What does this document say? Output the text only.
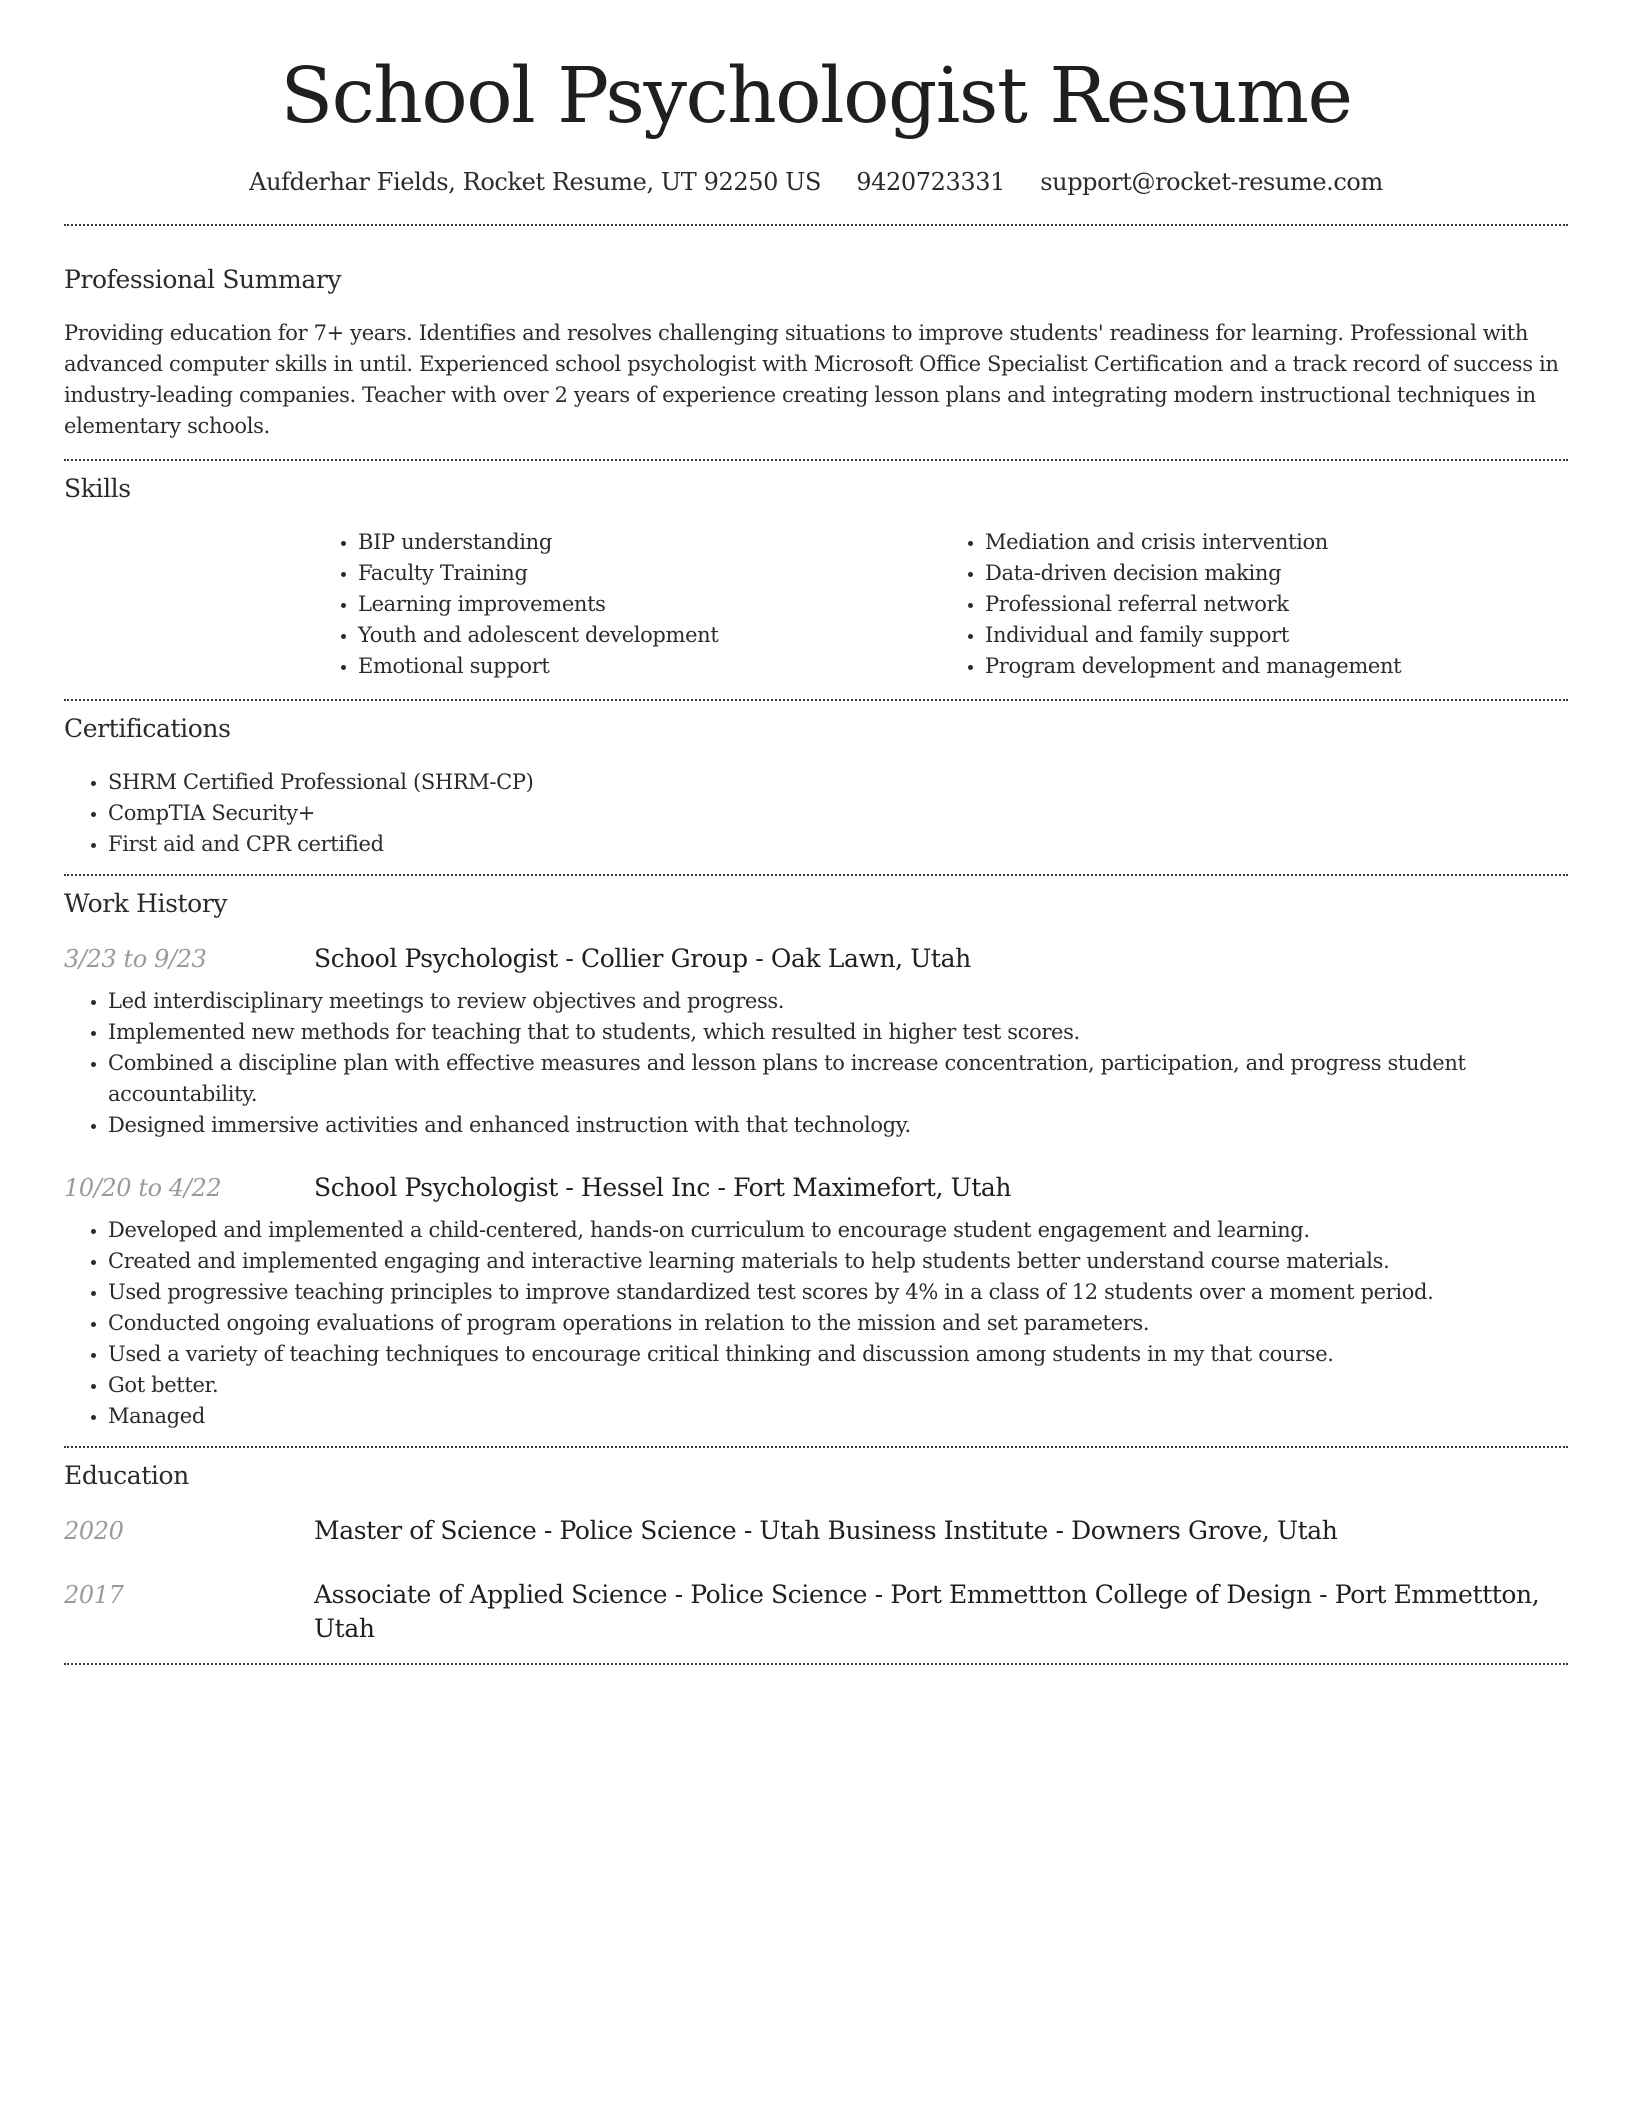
School Psychologist Resume
Aufderhar Fields, Rocket Resume, UT 92250 US 9420723331 support@rocket-resume.com
Professional Summary

Providing education for 7+ years. Identifies and resolves challenging situations to improve students' readiness for learning. Professional with advanced computer skills in until. Experienced school psychologist with Microsoft Office Specialist Certification and a track record of success in industry-leading companies. Teacher with over 2 years of experience creating lesson plans and integrating modern instructional techniques in elementary schools.

Skills
• BIP understanding
• Faculty Training
• Learning improvements
• Youth and adolescent development
• Emotional support
• Mediation and crisis intervention
• Data-driven decision making
• Professional referral network
• Individual and family support
• Program development and management
Certifications
• SHRM Certified Professional (SHRM-CP)
• CompTIA Security+
• First aid and CPR certified
Work History
3/23 to 9/23	School Psychologist - Collier Group - Oak Lawn, Utah
• Led interdisciplinary meetings to review objectives and progress.
• Implemented new methods for teaching that to students, which resulted in higher test scores.
• Combined a discipline plan with effective measures and lesson plans to increase concentration, participation, and progress student accountability.
• Designed immersive activities and enhanced instruction with that technology.
10/20 to 4/22	School Psychologist - Hessel Inc - Fort Maximefort, Utah
• Developed and implemented a child-centered, hands-on curriculum to encourage student engagement and learning.
• Created and implemented engaging and interactive learning materials to help students better understand course materials.
• Used progressive teaching principles to improve standardized test scores by 4% in a class of 12 students over a moment period.
• Conducted ongoing evaluations of program operations in relation to the mission and set parameters.
• Used a variety of teaching techniques to encourage critical thinking and discussion among students in my that course.
• Got better.
• Managed
Education
2020	Master of Science - Police Science - Utah Business Institute - Downers Grove, Utah
2017	Associate of Applied Science - Police Science - Port Emmettton College of Design - Port Emmettton, Utah
